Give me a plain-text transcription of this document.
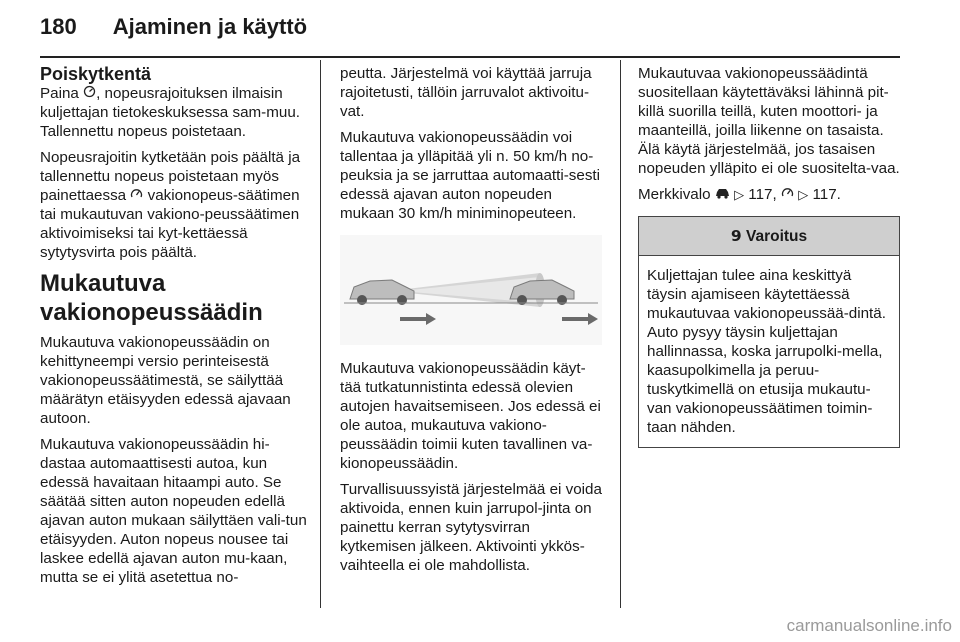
180 Ajaminen ja käyttö
Poiskytkentä

Paina , nopeusrajoituksen ilmaisin kuljettajan tietokeskuksessa sam-muu. Tallennettu nopeus poistetaan.

Nopeusrajoitin kytketään pois päältä ja tallennettu nopeus poistetaan myös painettaessa  vakionopeus-säätimen tai mukautuvan vakiono-peussäätimen aktivoimiseksi tai kyt-kettäessä sytytysvirta pois päältä.

Mukautuva vakionopeussäädin

Mukautuva vakionopeussäädin on kehittyneempi versio perinteisestä vakionopeussäätimestä, se säilyttää määrätyn etäisyyden edessä ajavaan autoon.

Mukautuva vakionopeussäädin hi-dastaa automaattisesti autoa, kun edessä havaitaan hitaampi auto. Se säätää sitten auton nopeuden edellä ajavan auton mukaan säilyttäen vali-tun etäisyyden. Auton nopeus nousee tai laskee edellä ajavan auton mu-kaan, mutta se ei ylitä asetettua no-

peutta. Järjestelmä voi käyttää jarruja rajoitetusti, tällöin jarruvalot aktivoitu-vat.

Mukautuva vakionopeussäädin voi tallentaa ja ylläpitää yli n. 50 km/h no-peuksia ja se jarruttaa automaatti-sesti edessä ajavan auton nopeuden mukaan 30 km/h miniminopeuteen.

Mukautuva vakionopeussäädin käyt-tää tutkatunnistinta edessä olevien autojen havaitsemiseen. Jos edessä ei ole autoa, mukautuva vakiono-peussäädin toimii kuten tavallinen va-kionopeussäädin.

Turvallisuussyistä järjestelmää ei voida aktivoida, ennen kuin jarrupol-jinta on painettu kerran sytytysvirran kytkemisen jälkeen. Aktivointi ykkös-vaihteella ei ole mahdollista.

Mukautuvaa vakionopeussäädintä suositellaan käytettäväksi lähinnä pit-killä suorilla teillä, kuten moottori- ja maanteillä, joilla liikenne on tasaista. Älä käytä järjestelmää, jos tasaisen nopeuden ylläpito ei ole suositelta-vaa.

Merkkivalo ▷ 117,  ▷ 117.

9 Varoitus

Kuljettajan tulee aina keskittyä täysin ajamiseen käytettäessä mukautuvaa vakionopeussää-dintä. Auto pysyy täysin kuljettajan hallinnassa, koska jarrupolki-mella, kaasupolkimella ja peruu-tuskytkimellä on etusija mukautu-van vakionopeussäätimen toimin-taan nähden.

carmanualsonline.info
